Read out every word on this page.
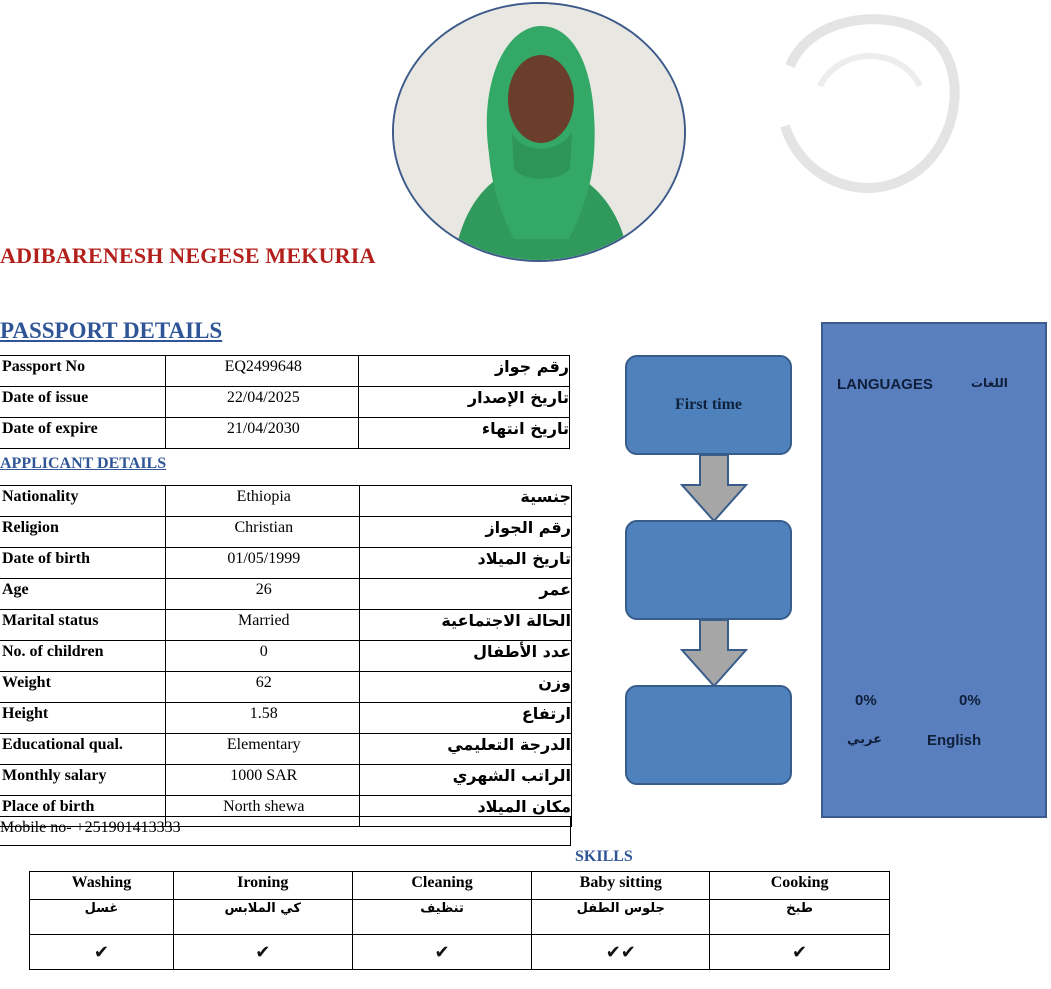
ADIBARENESH NEGESE MEKURIA
PASSPORT DETAILS
Passport No	EQ2499648	رقم جواز
Date of issue	22/04/2025	تاريخ الإصدار
Date of expire	21/04/2030	تاريخ انتهاء
APPLICANT DETAILS
Nationality	Ethiopia	جنسية
Religion	Christian	رقم الجواز
Date of birth	01/05/1999	تاريخ الميلاد
Age	26	عمر
Marital status	Married	الحالة الاجتماعية
No. of children	0	عدد الأطفال
Weight	62	وزن
Height	1.58	ارتفاع
Educational qual.	Elementary	الدرجة التعليمي
Monthly salary	1000 SAR	الراتب الشهري
Place of birth	North shewa	مكان الميلاد
Mobile no- +251901413333
First time
LANGUAGES	اللغات
0%	0%
عربي	English
SKILLS
Washing	Ironing	Cleaning	Baby sitting	Cooking
غسل	كي الملابس	تنظيف	جلوس الطفل	طبخ
✔	✔	✔	✔✔	✔
